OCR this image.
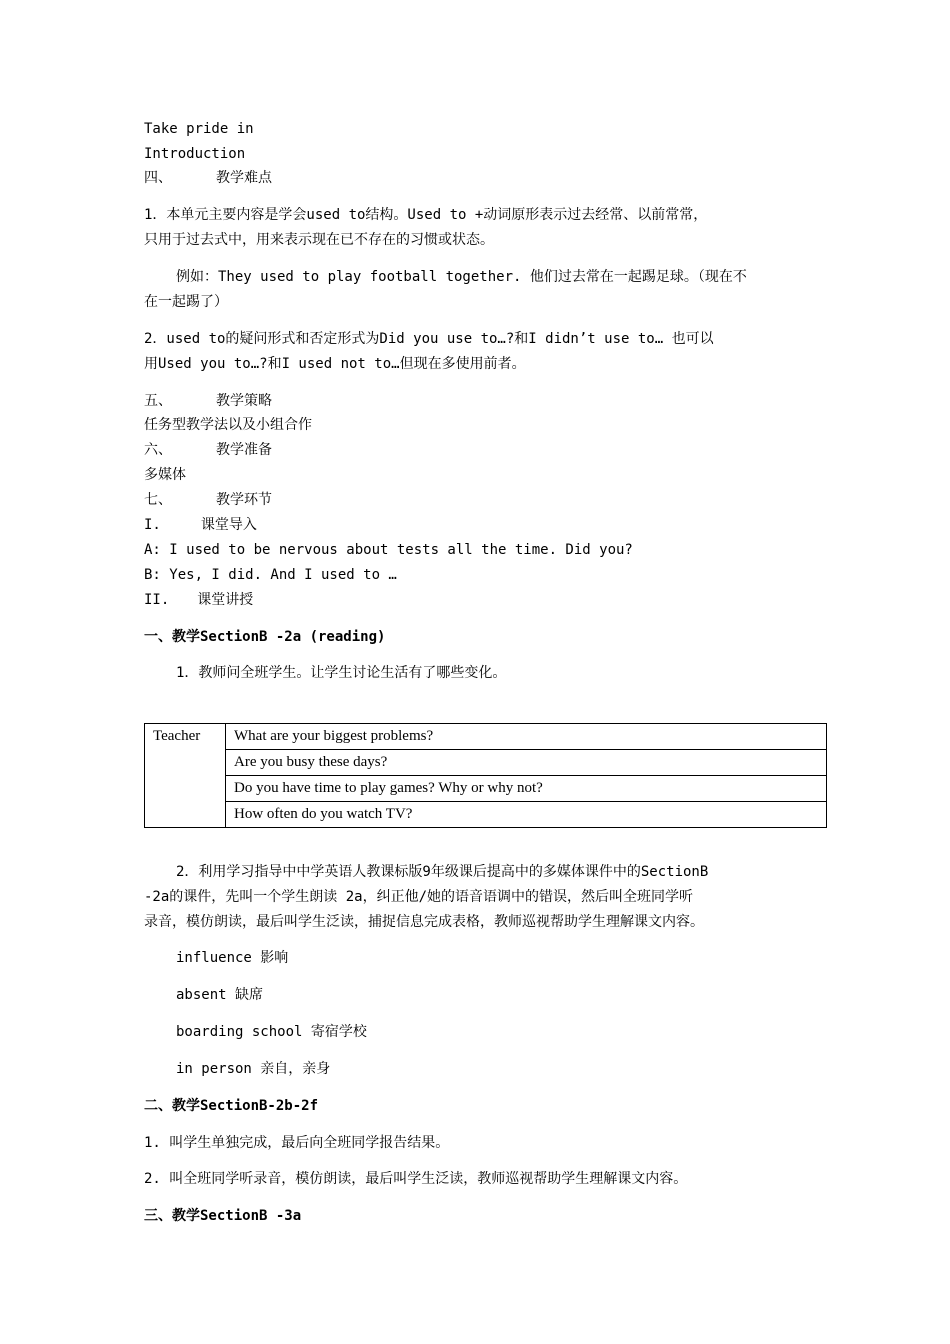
Take pride in
Introduction
四、	教学难点
1．本单元主要内容是学会used to结构。Used to +动词原形表示过去经常、以前常常，
只用于过去式中，用来表示现在已不存在的习惯或状态。
例如：They used to play football together. 他们过去常在一起踢足球。（现在不
在一起踢了）
2．used to的疑问形式和否定形式为Did you use to…?和I didn’t use to… 也可以
用Used you to…?和I used not to…但现在多使用前者。
五、	教学策略
任务型教学法以及小组合作
六、	教学准备
多媒体
七、	教学环节
I.	课堂导入
A: I used to be nervous about tests all the time. Did you?
B: Yes, I did. And I used to …
II. 课堂讲授
一、教学SectionB -2a (reading)
1．教师问全班学生。让学生讨论生活有了哪些变化。
Teacher	What are your biggest problems?
Are you busy these days?
Do you have time to play games? Why or why not?
How often do you watch TV?
2．利用学习指导中中学英语人教课标版9年级课后提高中的多媒体课件中的SectionB
-2a的课件，先叫一个学生朗读 2a，纠正他/她的语音语调中的错误，然后叫全班同学听
录音，模仿朗读，最后叫学生泛读，捕捉信息完成表格，教师巡视帮助学生理解课文内容。
influence 影响
absent 缺席
boarding school 寄宿学校
in person 亲自，亲身
二、教学SectionB-2b-2f
1. 叫学生单独完成，最后向全班同学报告结果。
2. 叫全班同学听录音，模仿朗读，最后叫学生泛读，教师巡视帮助学生理解课文内容。
三、教学SectionB -3a
